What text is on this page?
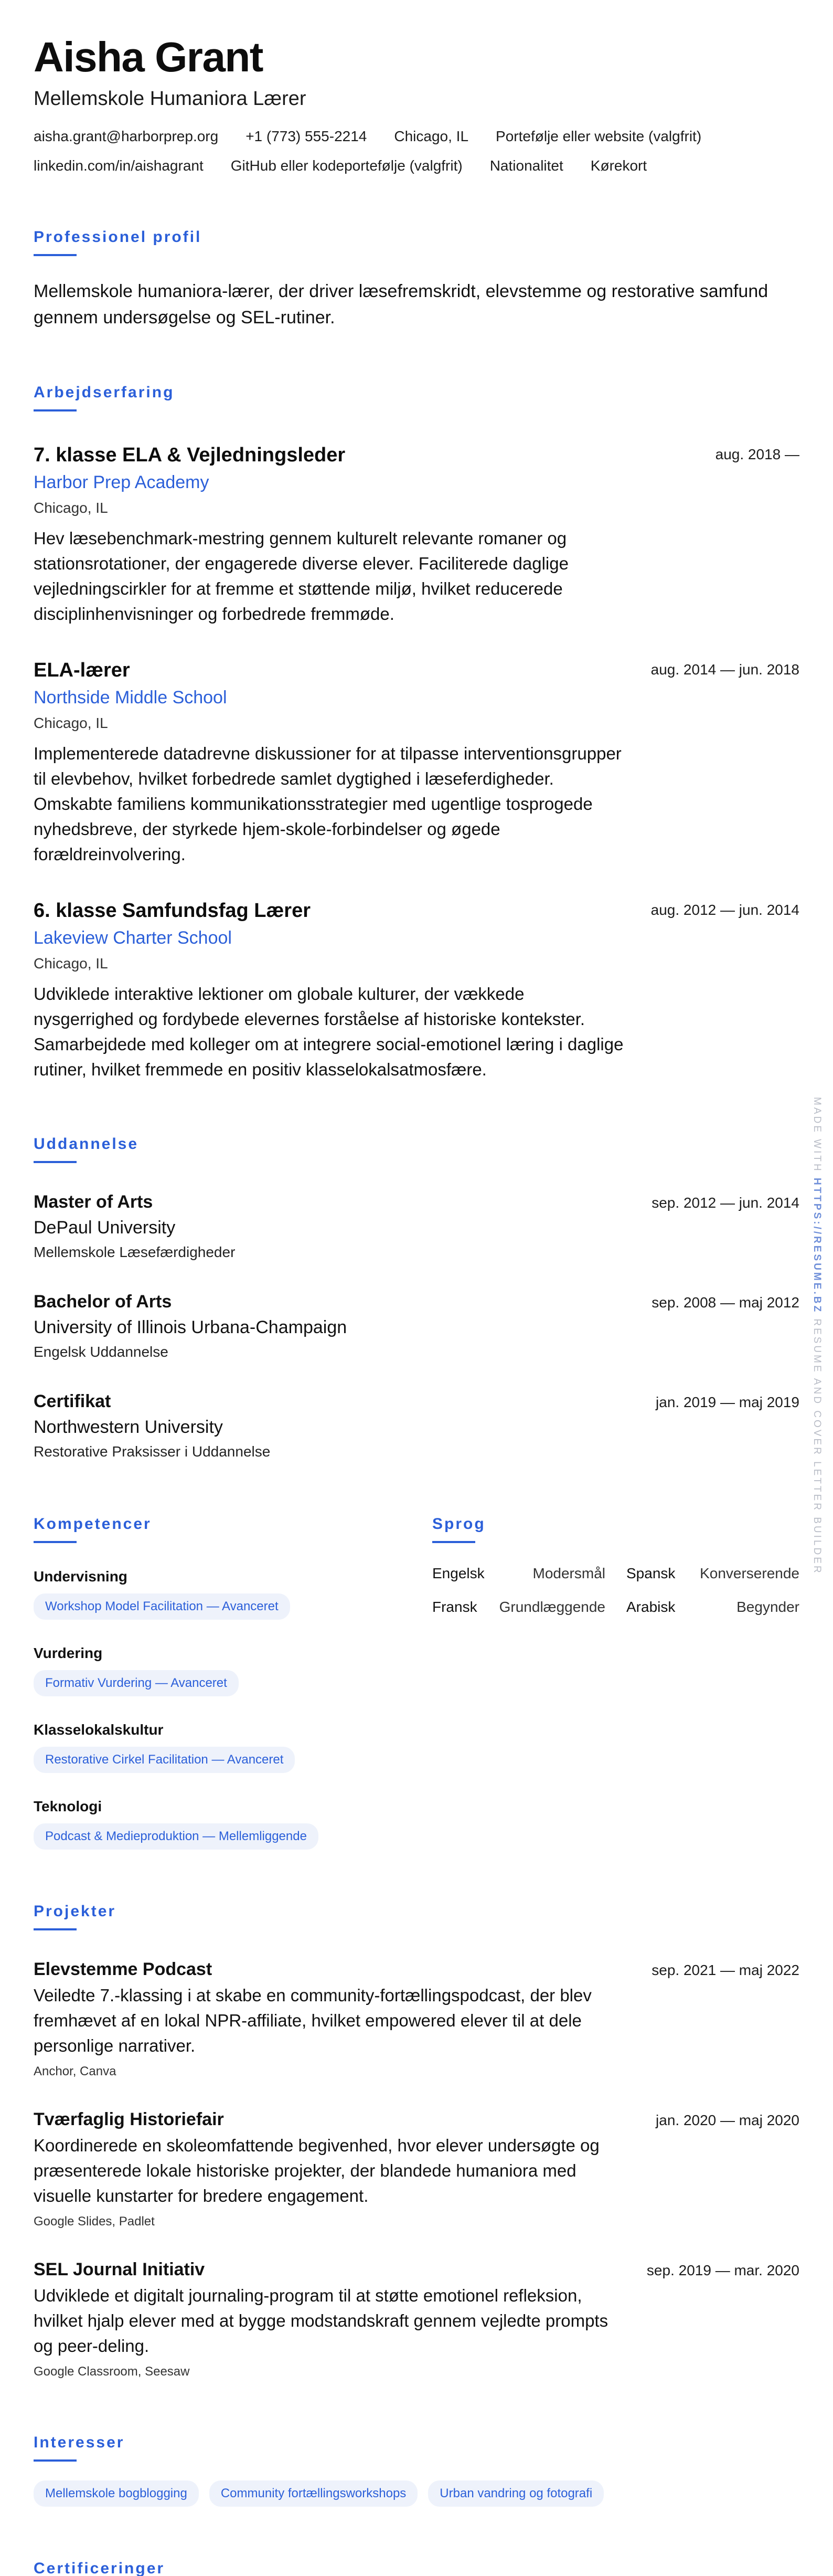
Aisha Grant
Mellemskole Humaniora Lærer
aisha.grant@harborprep.org +1 (773) 555-2214 Chicago, IL Portefølje eller website (valgfrit)
linkedin.com/in/aishagrant GitHub eller kodeportefølje (valgfrit) Nationalitet Kørekort
Professionel profil
Mellemskole humaniora-lærer, der driver læsefremskridt, elevstemme og restorative samfund gennem undersøgelse og SEL-rutiner.
Arbejdserfaring
7. klasse ELA & Vejledningsleder
Harbor Prep Academy
Chicago, IL
Hev læsebenchmark-mestring gennem kulturelt relevante romaner og stationsrotationer, der engagerede diverse elever. Faciliterede daglige vejledningscirkler for at fremme et støttende miljø, hvilket reducerede disciplinhenvisninger og forbedrede fremmøde.
aug. 2018 —
ELA-lærer
Northside Middle School
Chicago, IL
Implementerede datadrevne diskussioner for at tilpasse interventionsgrupper til elevbehov, hvilket forbedrede samlet dygtighed i læseferdigheder. Omskabte familiens kommunikationsstrategier med ugentlige tosprogede nyhedsbreve, der styrkede hjem-skole-forbindelser og øgede forældreinvolvering.
aug. 2014 — jun. 2018
6. klasse Samfundsfag Lærer
Lakeview Charter School
Chicago, IL
Udviklede interaktive lektioner om globale kulturer, der vækkede nysgerrighed og fordybede elevernes forståelse af historiske kontekster. Samarbejdede med kolleger om at integrere social-emotionel læring i daglige rutiner, hvilket fremmede en positiv klasselokalsatmosfære.
aug. 2012 — jun. 2014
Uddannelse
Master of Arts
DePaul University
Mellemskole Læsefærdigheder
sep. 2012 — jun. 2014
Bachelor of Arts
University of Illinois Urbana-Champaign
Engelsk Uddannelse
sep. 2008 — maj 2012
Certifikat
Northwestern University
Restorative Praksisser i Uddannelse
jan. 2019 — maj 2019
Kompetencer
Undervisning
Workshop Model Facilitation — Avanceret
Vurdering
Formativ Vurdering — Avanceret
Klasselokalskultur
Restorative Cirkel Facilitation — Avanceret
Teknologi
Podcast & Medieproduktion — Mellemliggende
Sprog
Engelsk	Modersmål Spansk Konverserende
Fransk Grundlæggende Arabisk	Begynder
Projekter
Elevstemme Podcast
Veiledte 7.-klassing i at skabe en community-fortællingspodcast, der blev fremhævet af en lokal NPR-affiliate, hvilket empowered elever til at dele personlige narrativer.
Anchor, Canva
sep. 2021 — maj 2022
Tværfaglig Historiefair
Koordinerede en skoleomfattende begivenhed, hvor elever undersøgte og præsenterede lokale historiske projekter, der blandede humaniora med visuelle kunstarter for bredere engagement.
Google Slides, Padlet
jan. 2020 — maj 2020
SEL Journal Initiativ
Udviklede et digitalt journaling-program til at støtte emotionel refleksion, hvilket hjalp elever med at bygge modstandskraft gennem vejledte prompts og peer-deling.
Google Classroom, Seesaw
sep. 2019 — mar. 2020
Interesser
Mellemskole bogblogging	Community fortællingsworkshops	Urban vandring og fotografi
Certificeringer
MADE WITH HTTPS://RESUME.BZ RESUME AND COVER LETTER BUILDER
